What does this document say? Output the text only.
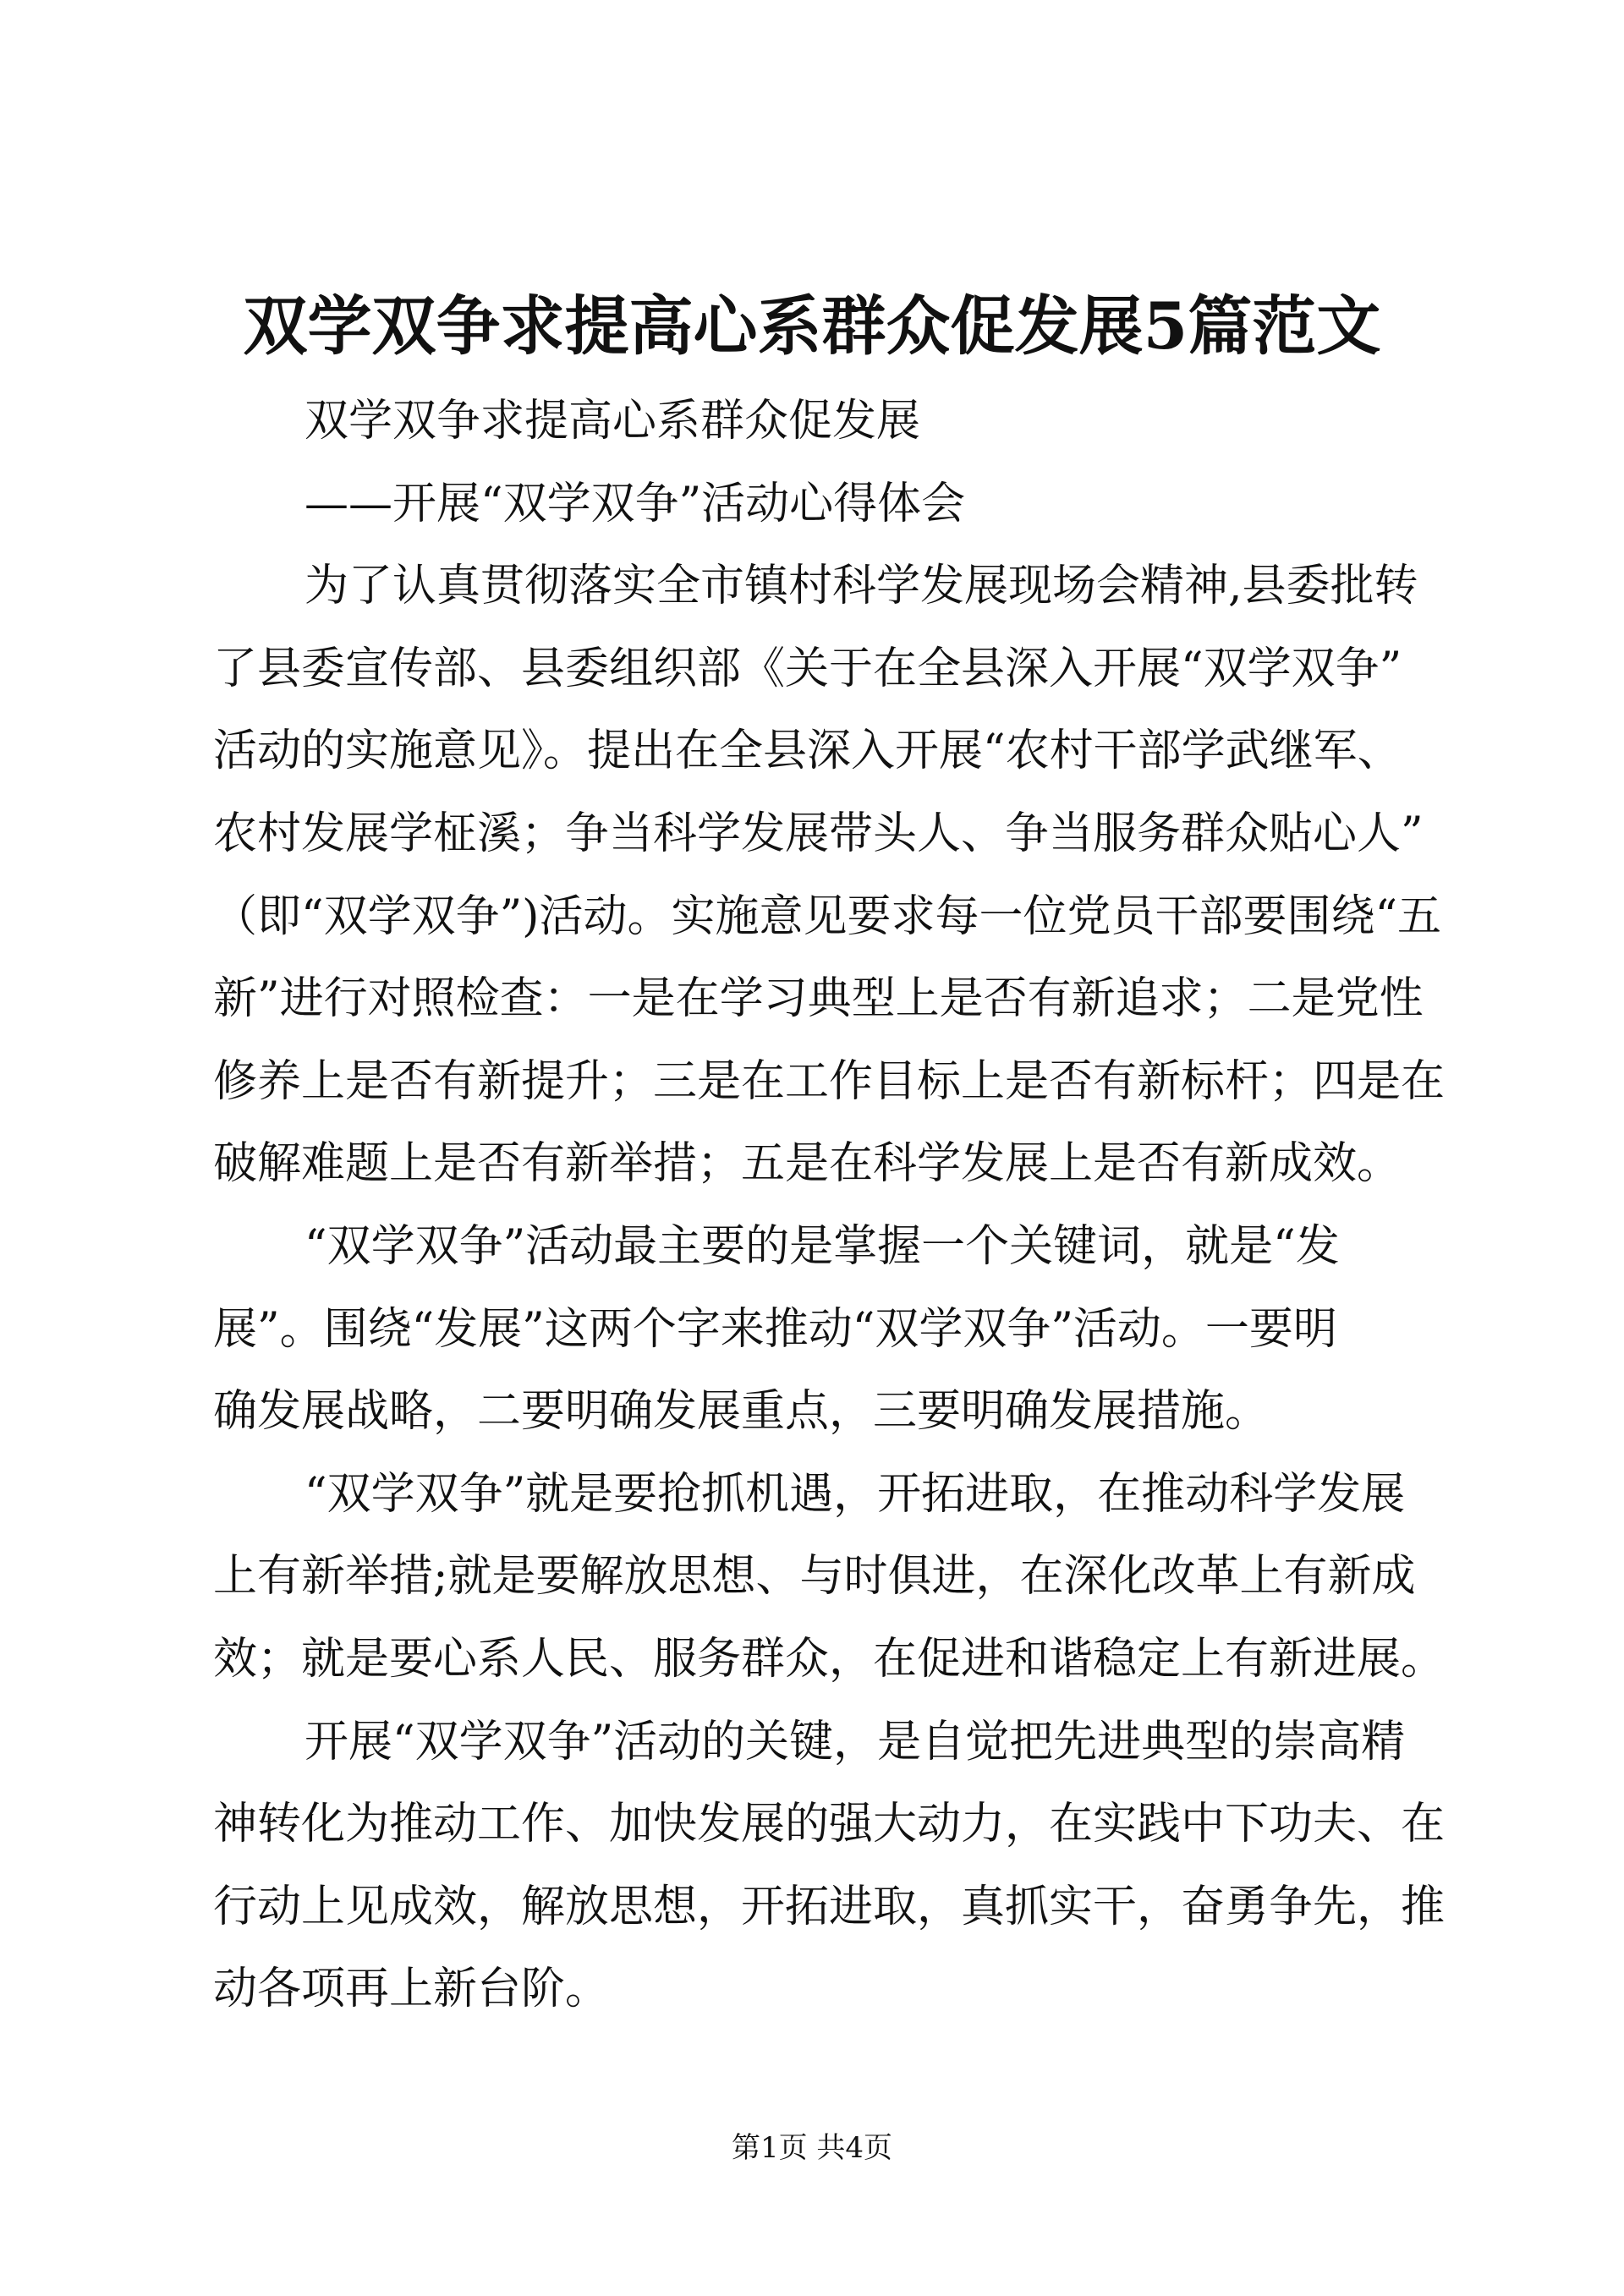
双学双争求提高心系群众促发展5篇范文
双学双争求提高心系群众促发展
——开展“双学双争”活动心得体会
为了认真贯彻落实全市镇村科学发展现场会精神,县委批转
了县委宣传部、县委组织部《关于在全县深入开展“双学双争”
活动的实施意见》。提出在全县深入开展“农村干部学武继军、
农村发展学柾溪；争当科学发展带头人、争当服务群众贴心人”
（即“双学双争”)活动。实施意见要求每一位党员干部要围绕“五
新”进行对照检查：一是在学习典型上是否有新追求；二是党性
修养上是否有新提升；三是在工作目标上是否有新标杆；四是在
破解难题上是否有新举措；五是在科学发展上是否有新成效。
“双学双争”活动最主要的是掌握一个关键词，就是“发
展”。围绕“发展”这两个字来推动“双学双争”活动。一要明
确发展战略，二要明确发展重点，三要明确发展措施。
“双学双争”就是要抢抓机遇，开拓进取，在推动科学发展
上有新举措;就是要解放思想、与时俱进，在深化改革上有新成
效；就是要心系人民、服务群众，在促进和谐稳定上有新进展。
开展“双学双争”活动的关键，是自觉把先进典型的崇高精
神转化为推动工作、加快发展的强大动力，在实践中下功夫、在
行动上见成效，解放思想，开拓进取，真抓实干，奋勇争先，推
动各项再上新台阶。
第1页 共4页
